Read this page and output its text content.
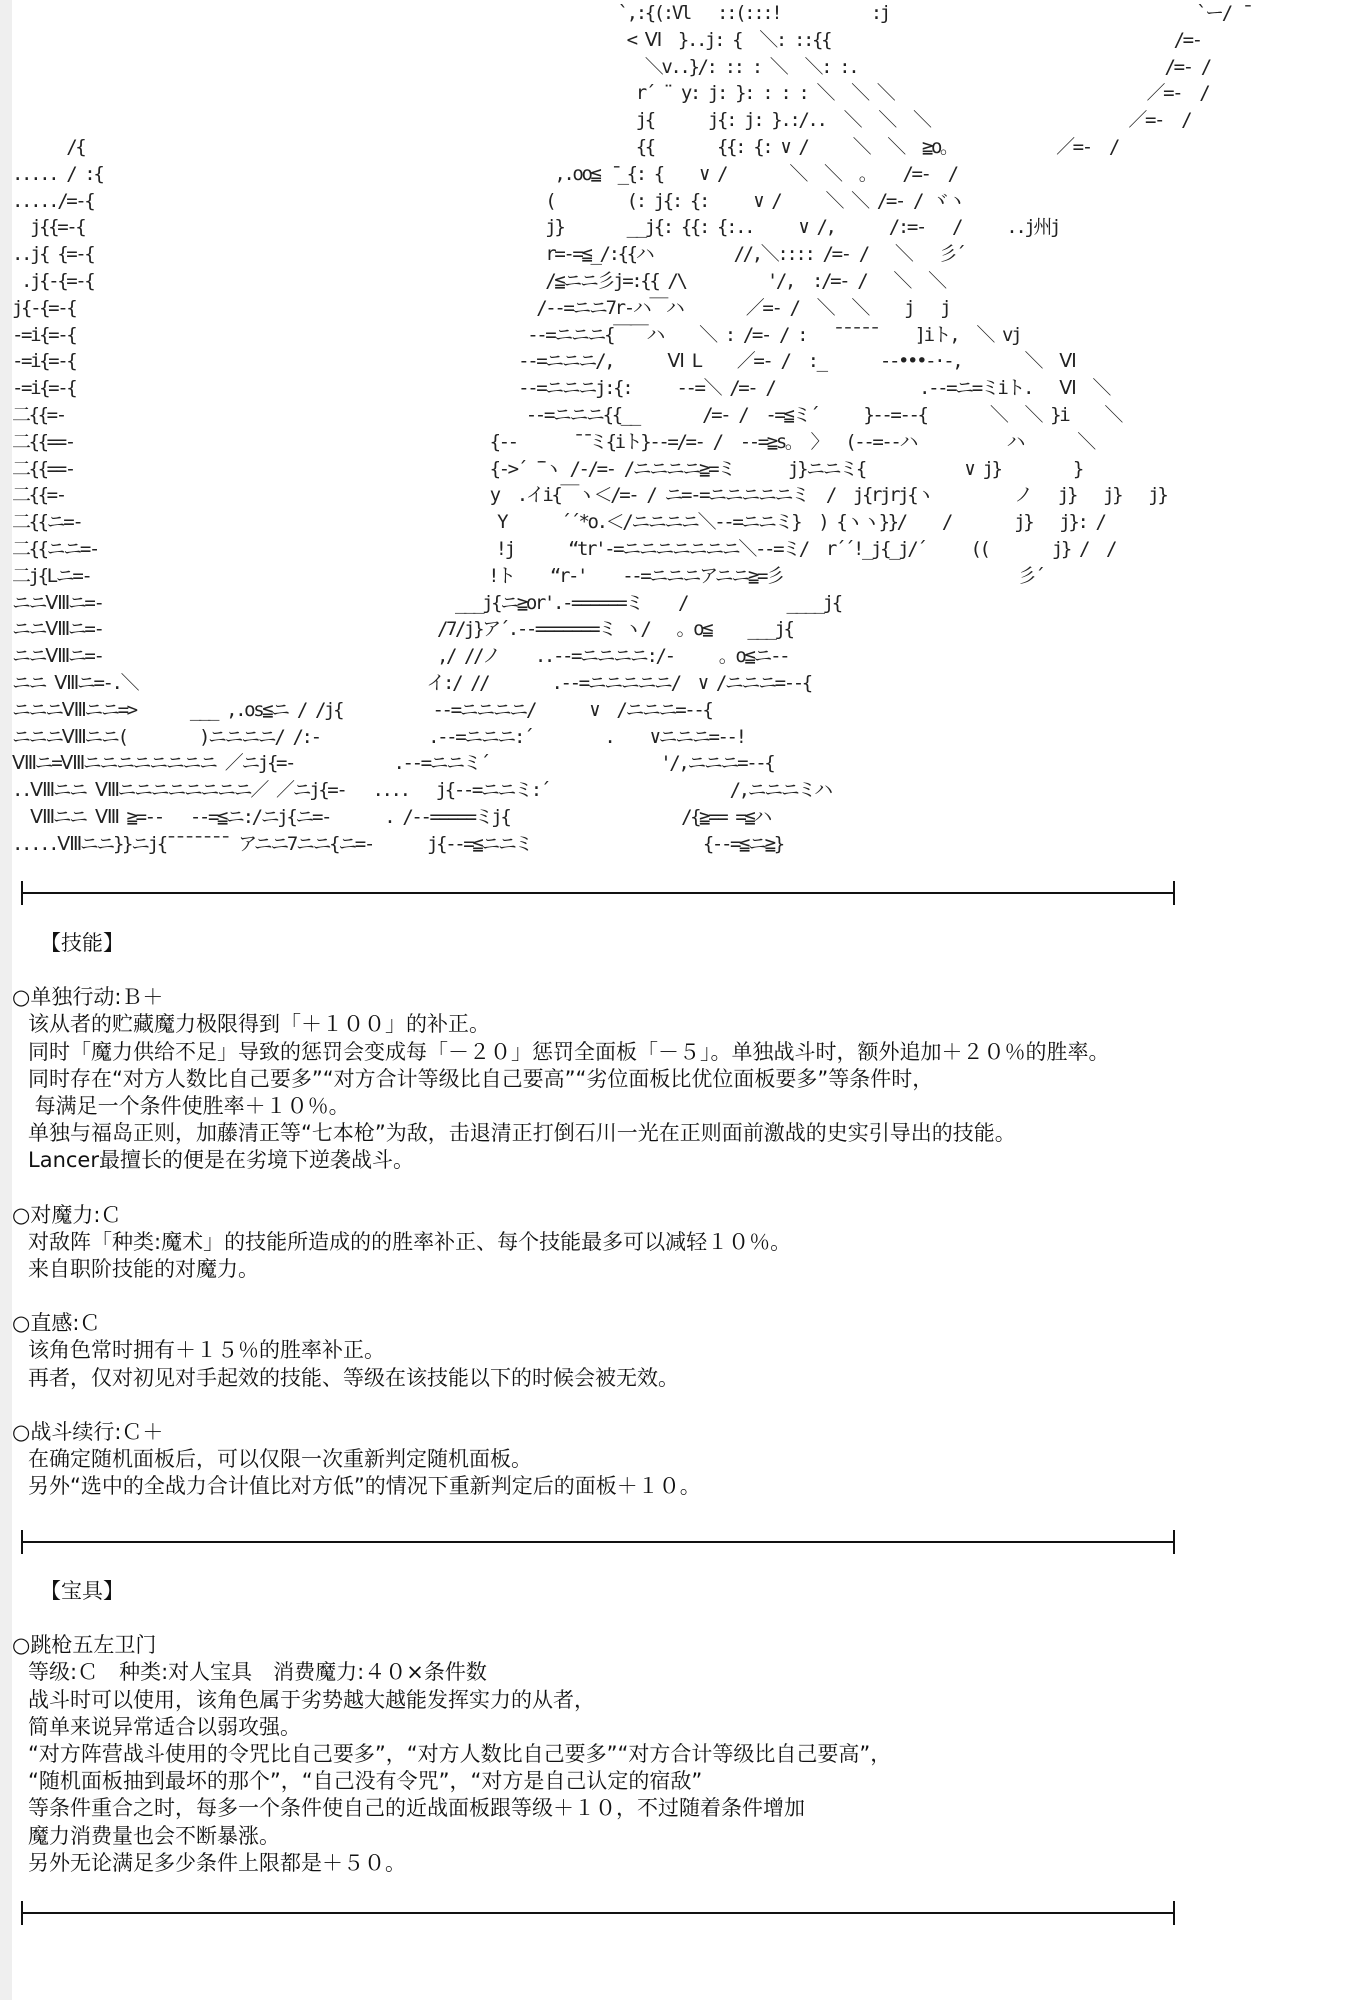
`,:{(:Vl   ::(:::!          :j                                  `ー/ ̄
< Ⅵ  }..j: {  ＼: ::{{                                      /=-
＼v..}/: :: : ＼  ＼: :.                                  /=- /
r´ ¨ y: j: }: : : : ＼  ＼ ＼                            ／=-  /
j{      j{: j: }.:/..  ＼  ＼  ＼                      ／=-  /
/{                                                             {{       {{: {: ∨ /     ＼  ＼  ≧o。           ／=-  /
..... / :{                                                  ,.oo≦ ̄ _{: {    ∨ /       ＼  ＼  。   /=-  /
...../=-{                                                  (        (: j{: {:     ∨ /     ＼ ＼ /=- / ヾヽ
j{{=-{                                                   j}       __j{: {{: {:..     ∨ /,      /:=-   /     ..j州j
..j{ {=-{                                                  r=-=≦_/:{{ハ         //,＼:::: /=- /   ＼   彡´
.j{-{=-{                                                  /≦ニニ彡j=:{{ /\         '/,  :/=- /   ＼  ＼
j{-{=-{                                                   /--=ニニ7r-ハ￣ハ       ／=- /  ＼  ＼    j   j
-=i{=-{                                                  --=ニニニ{￣￣ハ    ＼ : /=- / :   ¯¯¯¯¯    ]iト,  ＼ vj
-=i{=-{                                                 --=ニニニ/,      Ⅵ L    ／=- /  :_      --•••-·-,       ＼  Ⅵ
-=i{=-{                                                 --=ニニニj:{:     --=＼ /=- /                .--=ニ=ミiト.   Ⅵ  ＼
二{{=-                                                   --=ニニニ{{__       /=- /  -=≦ミ´     }--=--{       ＼  ＼ }i    ＼
二{{==-                                              {--      ̄ ̄ ミ{iト}--=/=- /  --=≧s。 〉  (--=--ハ          ハ      ＼
二{{==-                                              {->´ ̄¯ヽ /-/=- /ニニニニ≧=ミ      j}ニニミ{           ∨ j}        }
二{{=-                                               y  .イi{￣ヽ＜/=- / ニ=-=ニニニニニミ  /  j{rjrj{ヽ         ノ   j}   j}   j}
二{{ニ=-                                              Y      ´´*o.＜/ニニニニ＼--=ニニミ}  ) {ヽヽ}}/    /       j}   j}: /
二{{ニニ=-                                            !j      “tr'-=ニニニニニニニ＼--=ミ/  r´´!_j{_j/´     ((       j} /  /
二j{Lニ=-                                            !ト    “r-'    --=ニニニアニニ≧=彡                          彡´
ニニⅧニ=-                                       ___j{ニ≧or'.-======ミ    /           ____j{
ニニⅧニ=-                                     /7/j}ア´.--=======ミ ヽ/   。o≦    ___j{
ニニⅧニ=-                                     ,/ //ノ    ..--=ニニニニ:/-     。o≦ニ--
ニニ Ⅷニ=-.＼                                イ:/ //       .--=ニニニニニ/  ∨ /ニニニ=--{
ニニニⅧニニ=>      ___ ,.os≦ニ / /j{          --=ニニニニ/      ∨  /ニニニ=--{
ニニニⅧニニ(        )ニニニニ/ /:-            .--=ニニニ:´        .    ∨ニニニ=--!
Ⅷニ=Ⅷニニニニニニニニ ／ニj{=-           .--=ニニミ´                   '/,ニニニ=--{
..Ⅷニニ Ⅷニニニニニニニニ／ ／ニj{=-   ....   j{--=ニニミ:´                    /,ニニニミハ
Ⅷニニ Ⅷ ≧=--   --=≦ニ:/ニj{ニ=-      . /--=====ミj{                   /{≧== =≦ハ
.....Ⅷニニ}}ニj{¯¯¯¯¯¯¯ アニニ7ニニ{ニ=-      j{--=≦ニニミ                   {--=≦ニ≧}
【技能】
○单独行动:Ｂ＋
该从者的贮藏魔力极限得到「＋１００」的补正。
同时「魔力供给不足」导致的惩罚会变成每「－２０」惩罚全面板「－５」。单独战斗时，额外追加＋２０％的胜率。
同时存在“对方人数比自己要多”“对方合计等级比自己要高”“劣位面板比优位面板要多”等条件时，
每满足一个条件使胜率＋１０％。
单独与福岛正则，加藤清正等“七本枪”为敌，击退清正打倒石川一光在正则面前激战的史实引导出的技能。
Lancer最擅长的便是在劣境下逆袭战斗。
○对魔力:Ｃ
对敌阵「种类:魔术」的技能所造成的的胜率补正、每个技能最多可以减轻１０％。
来自职阶技能的对魔力。
○直感:Ｃ
该角色常时拥有＋１５％的胜率补正。
再者，仅对初见对手起效的技能、等级在该技能以下的时候会被无效。
○战斗续行:Ｃ＋
在确定随机面板后，可以仅限一次重新判定随机面板。
另外“选中的全战力合计值比对方低”的情况下重新判定后的面板＋１０。
【宝具】
○跳枪五左卫门
等级:Ｃ　种类:对人宝具　消费魔力:４０×条件数
战斗时可以使用，该角色属于劣势越大越能发挥实力的从者，
简单来说异常适合以弱攻强。
“对方阵营战斗使用的令咒比自己要多”，“对方人数比自己要多”“对方合计等级比自己要高”，
“随机面板抽到最坏的那个”，“自己没有令咒”，“对方是自己认定的宿敌”
等条件重合之时，每多一个条件使自己的近战面板跟等级＋１０，不过随着条件增加
魔力消费量也会不断暴涨。
另外无论满足多少条件上限都是＋５０。
